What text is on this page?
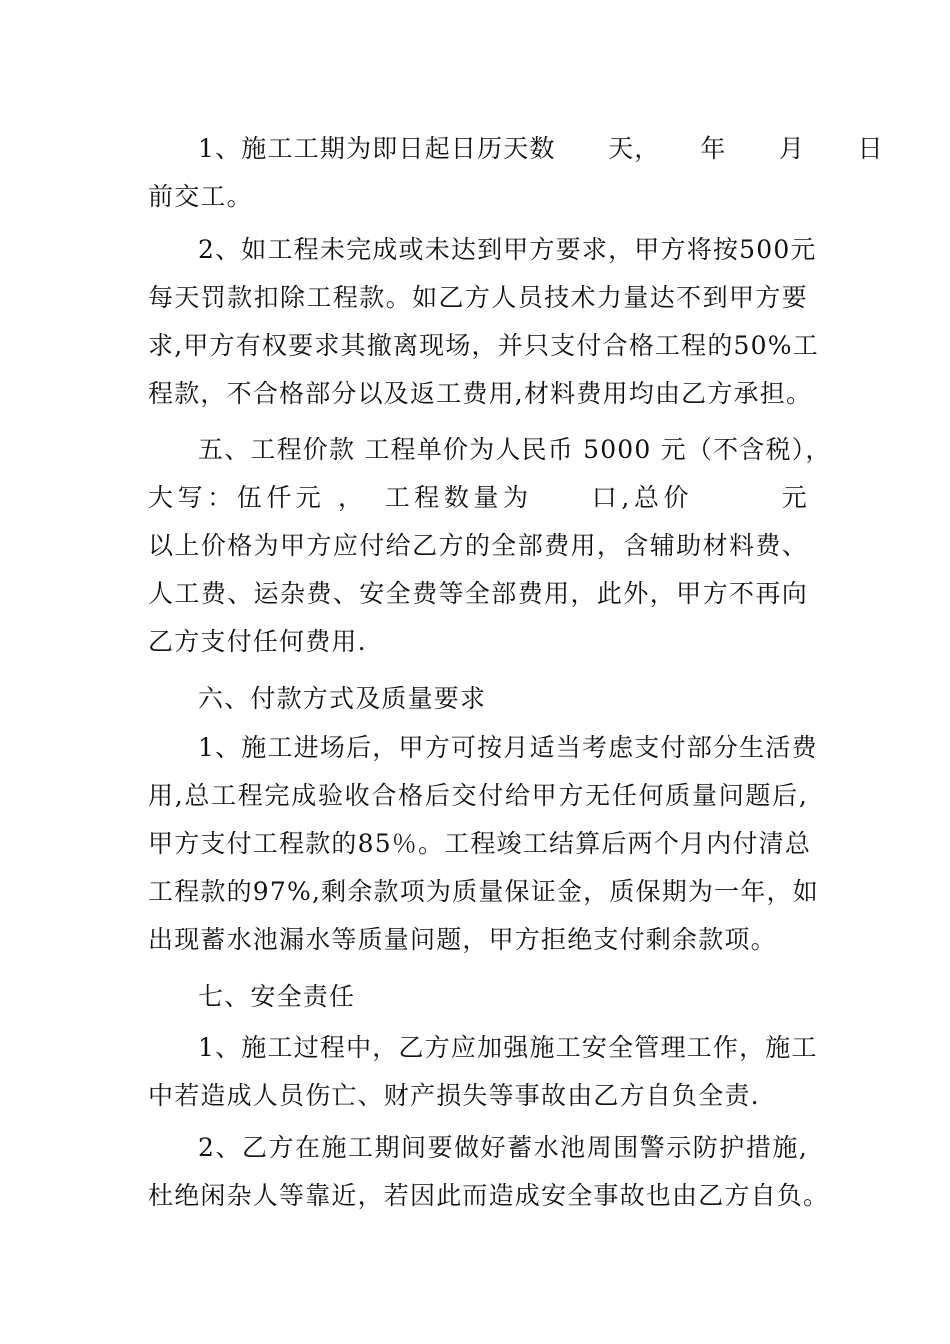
1、施工工期为即日起日历天数　　天，　　年　　月　　日
前交工。
2、如工程未完成或未达到甲方要求，甲方将按500元
每天罚款扣除工程款。如乙方人员技术力量达不到甲方要
求,甲方有权要求其撤离现场，并只支付合格工程的50%工
程款，不合格部分以及返工费用,材料费用均由乙方承担。
五、工程价款 工程单价为人民币 5000 元（不含税），
大写：伍仟元 ，　工程数量为　　口,总价　　　元
以上价格为甲方应付给乙方的全部费用，含辅助材料费、
人工费、运杂费、安全费等全部费用，此外，甲方不再向
乙方支付任何费用.
六、付款方式及质量要求
1、施工进场后，甲方可按月适当考虑支付部分生活费
用,总工程完成验收合格后交付给甲方无任何质量问题后,
甲方支付工程款的85％。工程竣工结算后两个月内付清总
工程款的97%,剩余款项为质量保证金，质保期为一年，如
出现蓄水池漏水等质量问题，甲方拒绝支付剩余款项。
七、安全责任
1、施工过程中，乙方应加强施工安全管理工作，施工
中若造成人员伤亡、财产损失等事故由乙方自负全责.
2、乙方在施工期间要做好蓄水池周围警示防护措施,
杜绝闲杂人等靠近，若因此而造成安全事故也由乙方自负。
